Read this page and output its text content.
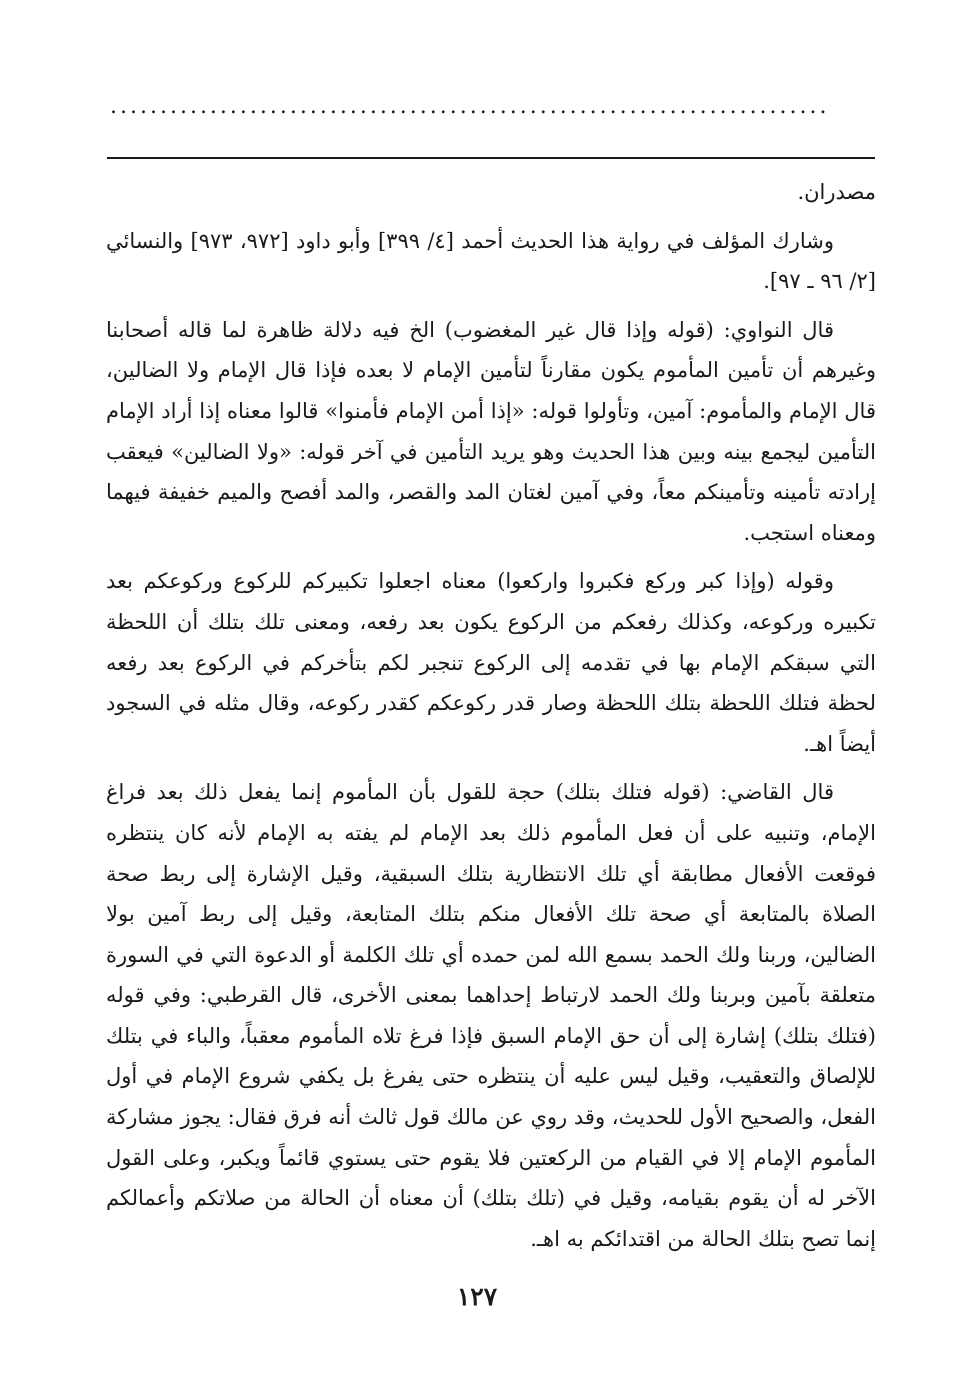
........................................................................

مصدران.

وشارك المؤلف في رواية هذا الحديث أحمد [٤/ ٣٩٩] وأبو داود [٩٧٢، ٩٧٣] والنسائي [٢/ ٩٦ ـ ٩٧].

قال النواوي: (قوله وإذا قال غير المغضوب) الخ فيه دلالة ظاهرة لما قاله أصحابنا وغيرهم أن تأمين المأموم يكون مقارناً لتأمين الإمام لا بعده فإذا قال الإمام ولا الضالين، قال الإمام والمأموم: آمين، وتأولوا قوله: «إذا أمن الإمام فأمنوا» قالوا معناه إذا أراد الإمام التأمين ليجمع بينه وبين هذا الحديث وهو يريد التأمين في آخر قوله: «ولا الضالين» فيعقب إرادته تأمينه وتأمينكم معاً، وفي آمين لغتان المد والقصر، والمد أفصح والميم خفيفة فيهما ومعناه استجب.

وقوله (وإذا كبر وركع فكبروا واركعوا) معناه اجعلوا تكبيركم للركوع وركوعكم بعد تكبيره وركوعه، وكذلك رفعكم من الركوع يكون بعد رفعه، ومعنى تلك بتلك أن اللحظة التي سبقكم الإمام بها في تقدمه إلى الركوع تنجبر لكم بتأخركم في الركوع بعد رفعه لحظة فتلك اللحظة بتلك اللحظة وصار قدر ركوعكم كقدر ركوعه، وقال مثله في السجود أيضاً اهـ.

قال القاضي: (قوله فتلك بتلك) حجة للقول بأن المأموم إنما يفعل ذلك بعد فراغ الإمام، وتنبيه على أن فعل المأموم ذلك بعد الإمام لم يفته به الإمام لأنه كان ينتظره فوقعت الأفعال مطابقة أي تلك الانتظارية بتلك السبقية، وقيل الإشارة إلى ربط صحة الصلاة بالمتابعة أي صحة تلك الأفعال منكم بتلك المتابعة، وقيل إلى ربط آمين بولا الضالين، وربنا ولك الحمد بسمع الله لمن حمده أي تلك الكلمة أو الدعوة التي في السورة متعلقة بآمين وبربنا ولك الحمد لارتباط إحداهما بمعنى الأخرى، قال القرطبي: وفي قوله (فتلك بتلك) إشارة إلى أن حق الإمام السبق فإذا فرغ تلاه المأموم معقباً، والباء في بتلك للإلصاق والتعقيب، وقيل ليس عليه أن ينتظره حتى يفرغ بل يكفي شروع الإمام في أول الفعل، والصحيح الأول للحديث، وقد روي عن مالك قول ثالث أنه فرق فقال: يجوز مشاركة المأموم الإمام إلا في القيام من الركعتين فلا يقوم حتى يستوي قائماً ويكبر، وعلى القول الآخر له أن يقوم بقيامه، وقيل في (تلك بتلك) أن معناه أن الحالة من صلاتكم وأعمالكم إنما تصح بتلك الحالة من اقتدائكم به اهـ.

١٢٧
